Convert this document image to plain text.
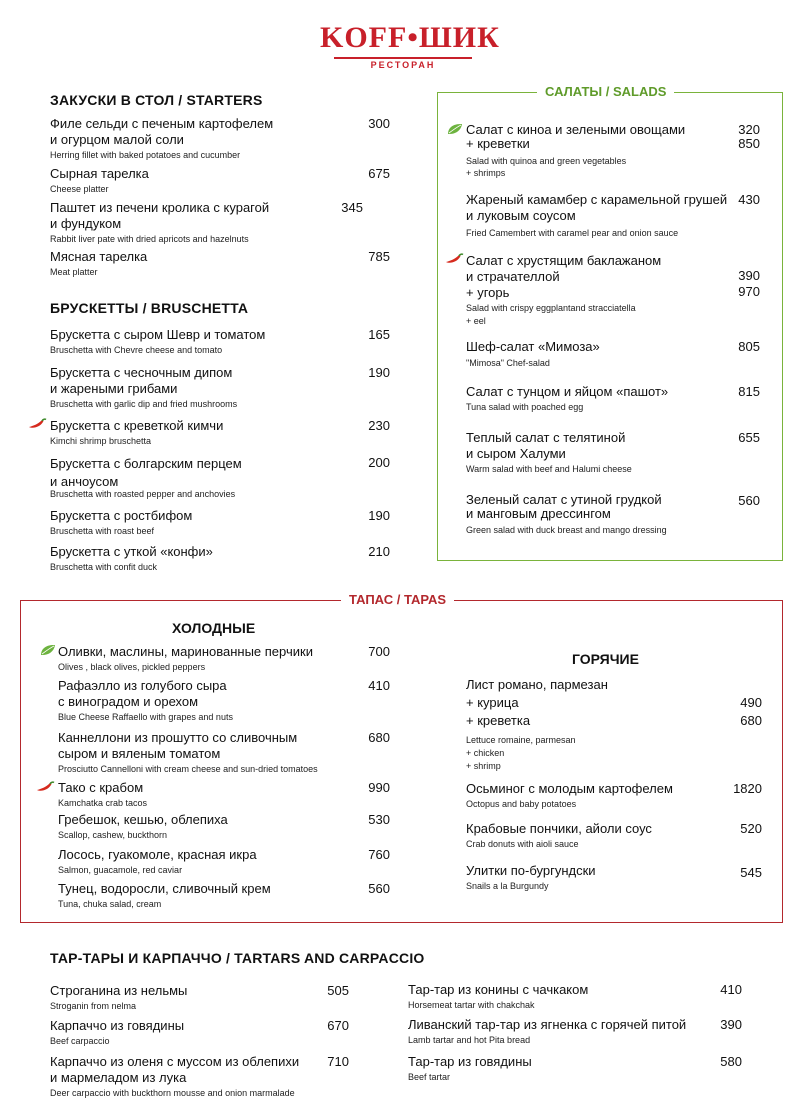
KOFF•ШИК
РЕСТОРАН
ЗАКУСКИ В СТОЛ / STARTERS
Филе сельди с печеным картофелем
и огурцом малой соли
Herring fillet with baked potatoes and cucumber
300
Сырная тарелка
Cheese platter
675
Паштет из печени кролика с курагой
и фундуком
Rabbit liver pate with dried apricots and hazelnuts
345
Мясная тарелка
Meat platter
785
БРУСКЕТТЫ / BRUSCHETTA
Брускетта с сыром Шевр и томатом
Bruschetta with Chevre cheese and tomato
165
Брускетта с чесночным дипом
и жареными грибами
Bruschetta with garlic dip and fried mushrooms
190
Брускетта с креветкой кимчи
Kimchi shrimp bruschetta
230
Брускетта с болгарским перцем
и анчоусом
Bruschetta with roasted pepper and anchovies
200
Брускетта с ростбифом
Bruschetta with roast beef
190
Брускетта с уткой «конфи»
Bruschetta with confit duck
210
САЛАТЫ / SALADS
Салат с киноа и зелеными овощами
+ креветки
Salad with quinoa and green vegetables
+ shrimps
320
850
Жареный камамбер с карамельной грушей
и луковым соусом
Fried Camembert with caramel pear and onion sauce
430
Салат с хрустящим баклажаном
и страчателлой
+ угорь
Salad with crispy eggplantand stracciatella
+ eel
390
970
Шеф-салат «Мимоза»
"Mimosa" Chef-salad
805
Салат с тунцом и яйцом «пашот»
Tuna salad with poached egg
815
Теплый салат с телятиной
и сыром Халуми
Warm salad with beef and Halumi cheese
655
Зеленый салат с утиной грудкой
и манговым дрессингом
Green salad with duck breast and mango dressing
560
ТАПАС / TAPAS
ХОЛОДНЫЕ
ГОРЯЧИЕ
Оливки, маслины, маринованные перчики
Olives , black olives, pickled peppers
700
Рафаэлло из голубого сыра
с виноградом и орехом
Blue Cheese Raffaello with grapes and nuts
410
Каннеллони из прошутто со сливочным
сыром и вяленым томатом
Prosciutto Cannelloni with cream cheese and sun-dried tomatoes
680
Тако с крабом
Kamchatka crab tacos
990
Гребешок, кешью, облепиха
Scallop, cashew, buckthorn
530
Лосось, гуакомоле, красная икра
Salmon, guacamole, red caviar
760
Тунец, водоросли, сливочный крем
Tuna, chuka salad, cream
560
Лист романо, пармезан
+ курица
+ креветка
Lettuce romaine, parmesan
+ chicken
+ shrimp
490
680
Осьминог с молодым картофелем
Octopus and baby potatoes
1820
Крабовые пончики, айоли соус
Crab donuts with aioli sauce
520
Улитки по-бургундски
Snails a la Burgundy
545
ТАР-ТАРЫ И КАРПАЧЧО / TARTARS AND CARPACCIO
Строганина из нельмы
Stroganin from nelma
505
Карпаччо из говядины
Beef carpaccio
670
Карпаччо из оленя с муссом из облепихи
и мармеладом из лука
Deer carpaccio with buckthorn mousse and onion marmalade
710
Тар-тар из конины с чачкаком
Horsemeat tartar with chakchak
410
Ливанский тар-тар из ягненка с горячей питой
Lamb tartar and hot Pita bread
390
Тар-тар из говядины
Beef tartar
580
